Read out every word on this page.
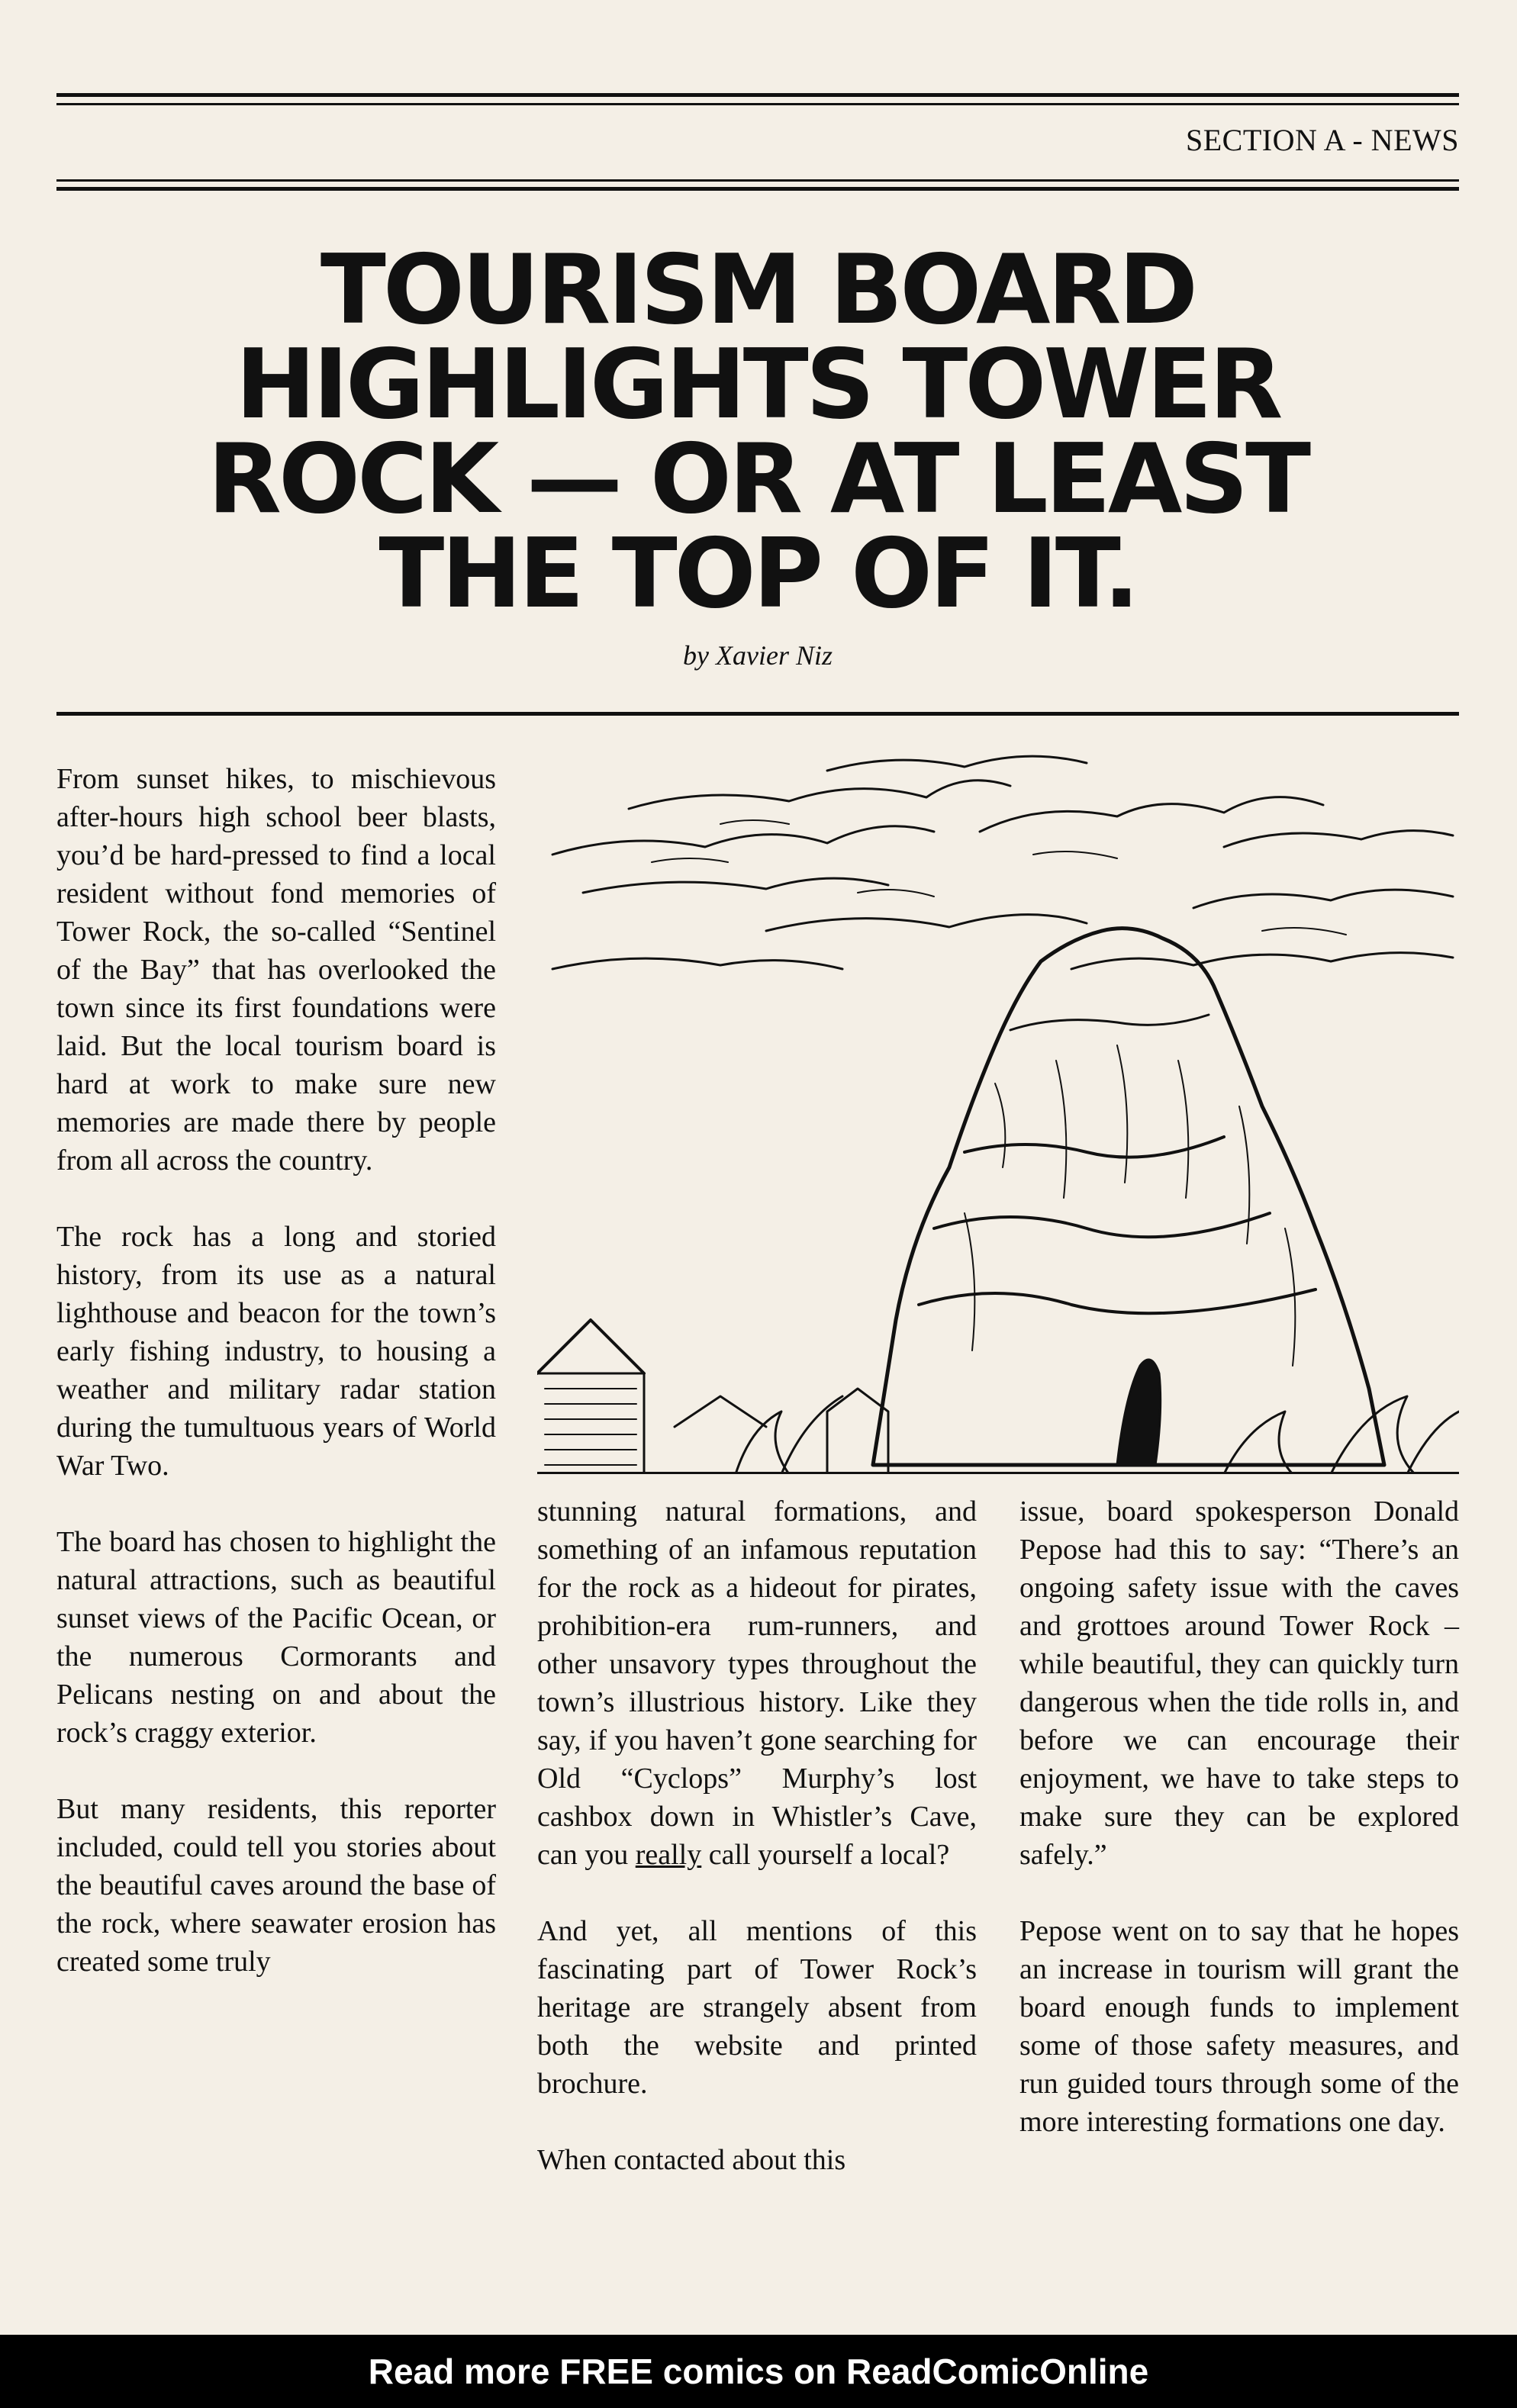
SECTION A - NEWS
TOURISM BOARD
HIGHLIGHTS TOWER
ROCK — OR AT LEAST
THE TOP OF IT.
by Xavier Niz

From sunset hikes, to mischievous after-hours high school beer blasts, you’d be hard-pressed to find a local resident without fond memories of Tower Rock, the so-called “Sentinel of the Bay” that has overlooked the town since its first foundations were laid. But the local tourism board is hard at work to make sure new memories are made there by people from all across the country.

The rock has a long and storied history, from its use as a natural lighthouse and beacon for the town’s early fishing industry, to housing a weather and military radar station during the tumultuous years of World War Two.

The board has chosen to highlight the natural attractions, such as beautiful sunset views of the Pacific Ocean, or the numerous Cormorants and Pelicans nesting on and about the rock’s craggy exterior.

But many residents, this reporter included, could tell you stories about the beautiful caves around the base of the rock, where seawater erosion has created some truly

stunning natural formations, and something of an infamous reputation for the rock as a hideout for pirates, prohibition-era rum-runners, and other unsavory types throughout the town’s illustrious history. Like they say, if you haven’t gone searching for Old “Cyclops” Murphy’s lost cashbox down in Whistler’s Cave, can you really call yourself a local?

And yet, all mentions of this fascinating part of Tower Rock’s heritage are strangely absent from both the website and printed brochure.

When contacted about this

issue, board spokesperson Donald Pepose had this to say: “There’s an ongoing safety issue with the caves and grottoes around Tower Rock – while beautiful, they can quickly turn dangerous when the tide rolls in, and before we can encourage their enjoyment, we have to take steps to make sure they can be explored safely.”

Pepose went on to say that he hopes an increase in tourism will grant the board enough funds to implement some of those safety measures, and run guided tours through some of the more interesting formations one day.

Read more FREE comics on ReadComicOnline
